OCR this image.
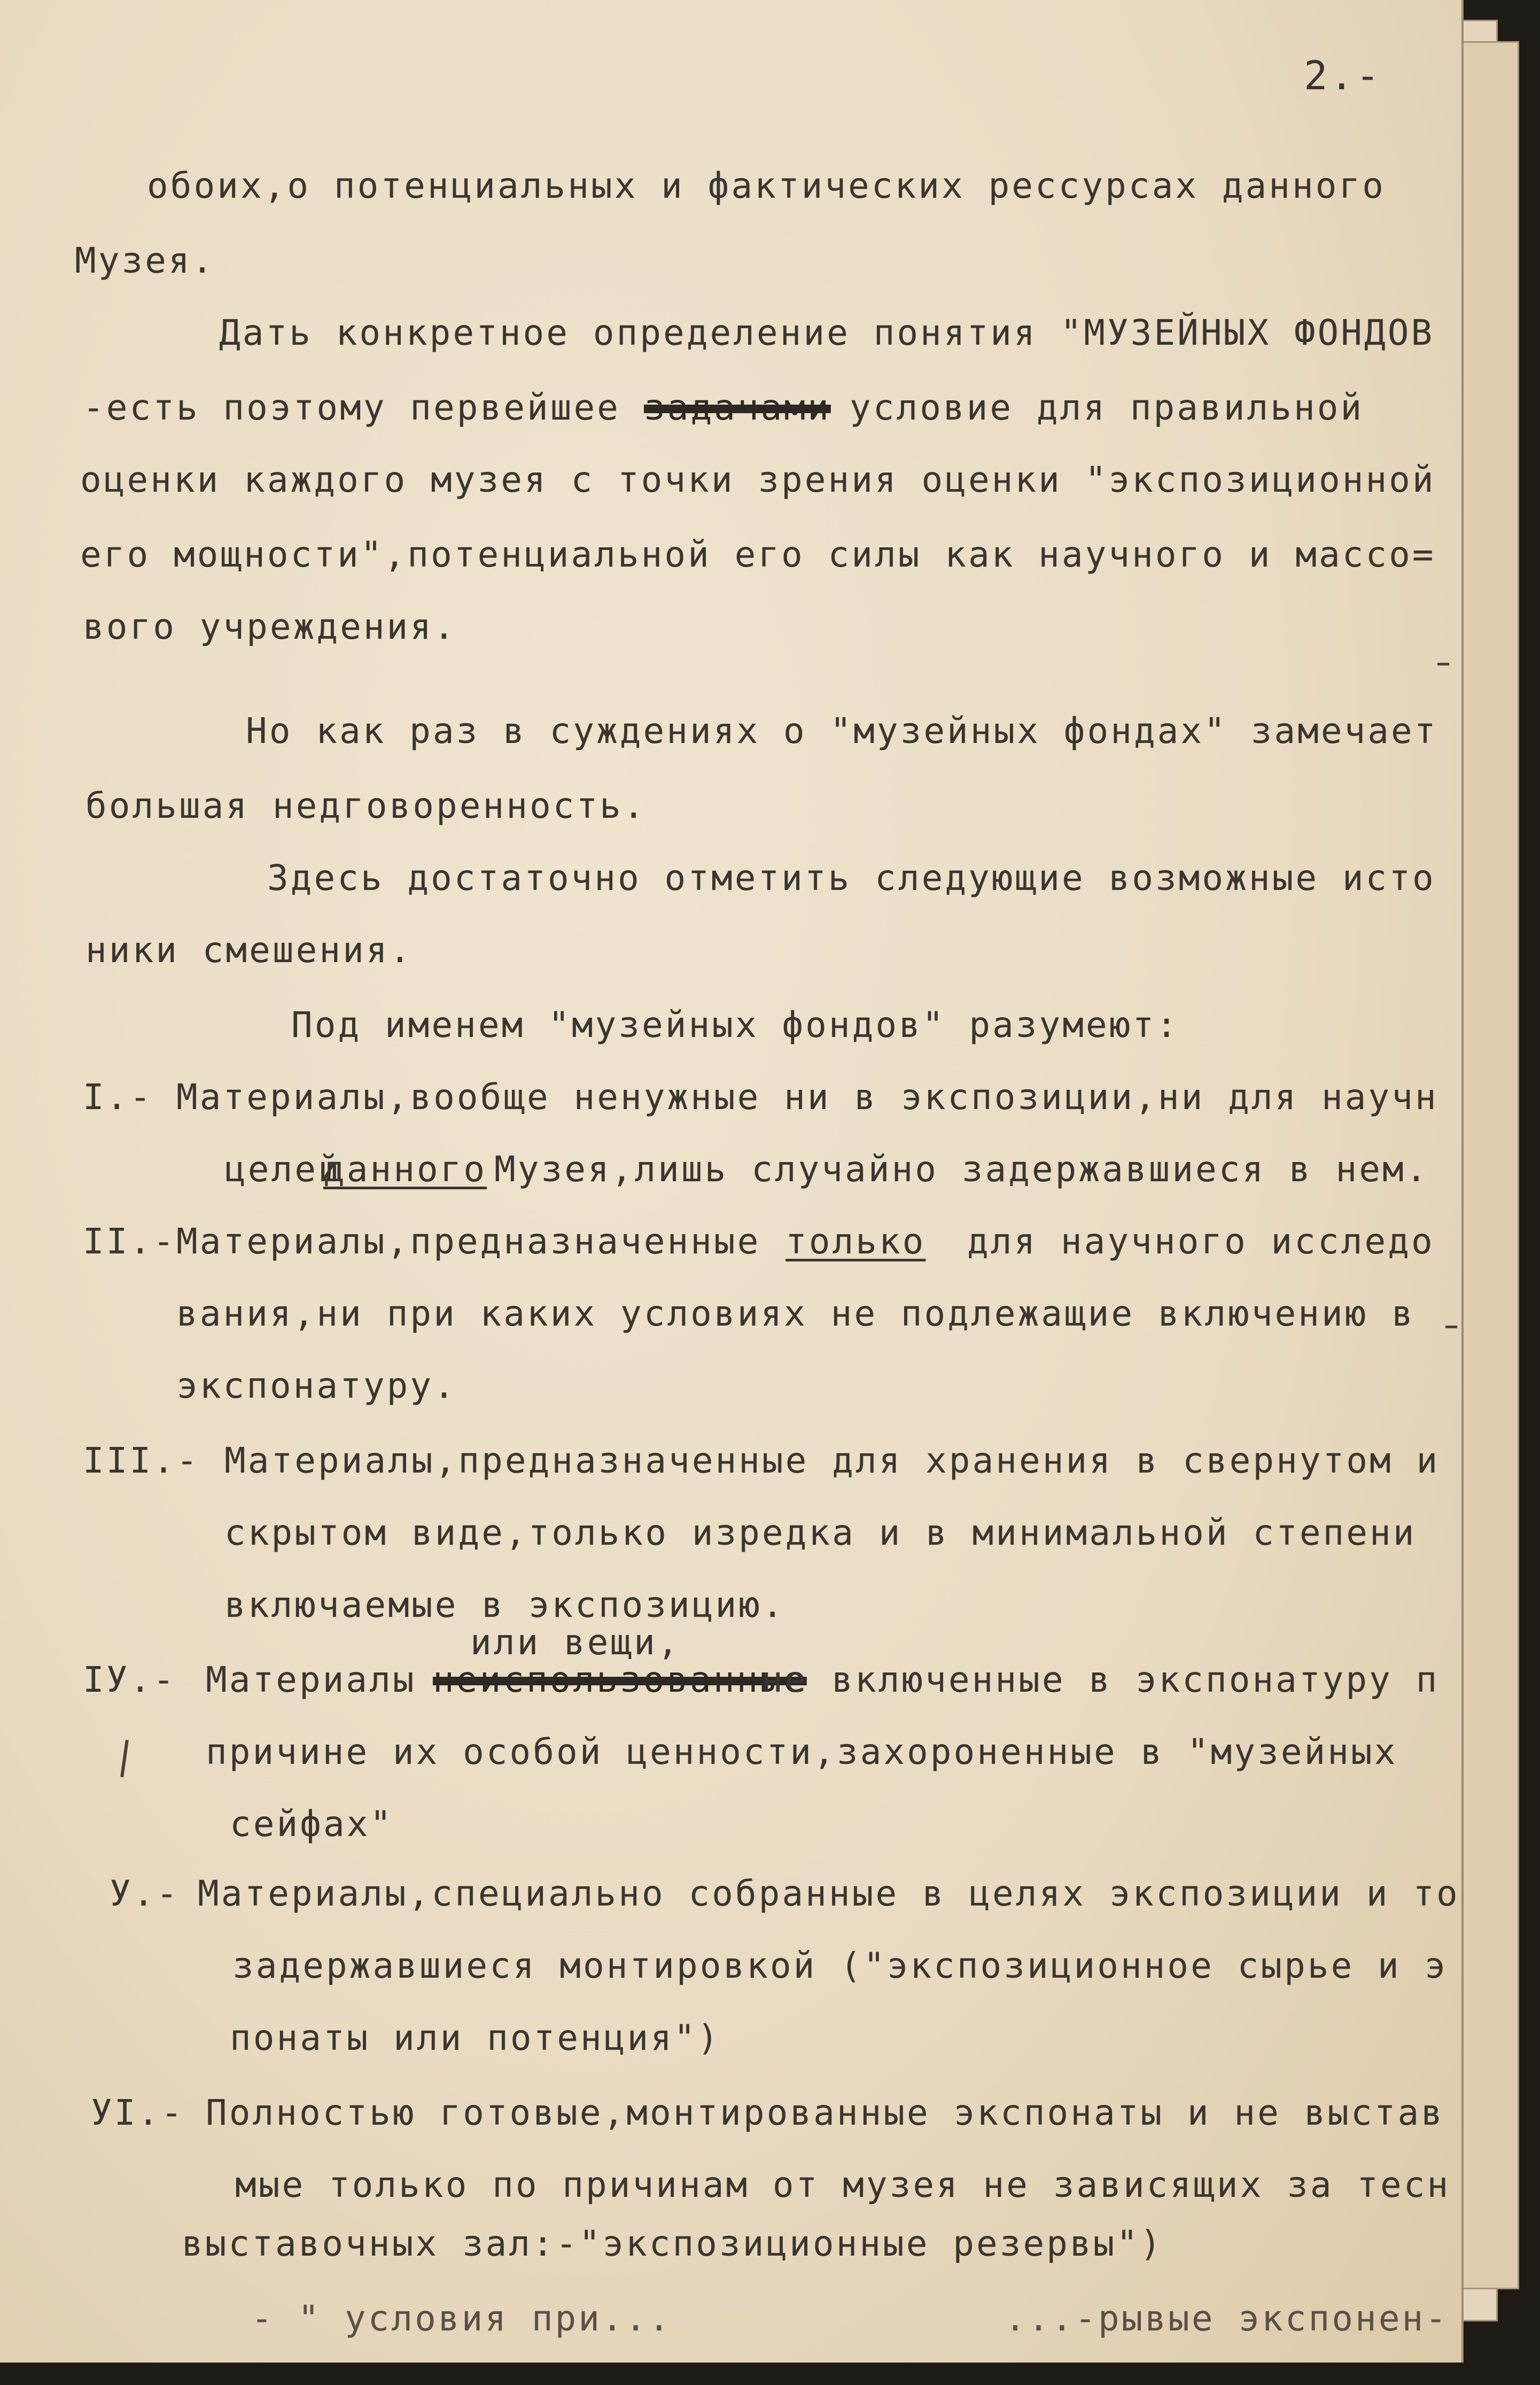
2.-
обоих,о потенциальных и фактических рессурсах данного
Музея.
Дать конкретное определение понятия "МУЗЕЙНЫХ ФОНДОВ
-есть поэтому первейшее задачами условие для правильной
оценки каждого музея с точки зрения оценки "экспозиционной
его мощности",потенциальной его силы как научного и массо=
вого учреждения.
Но как раз в суждениях о "музейных фондах" замечает
большая недговоренность.
Здесь достаточно отметить следующие возможные исто
ники смешения.
Под именем "музейных фондов" разумеют:
I.- Материалы,вообще ненужные ни в экспозиции,ни для научн
целей
данного Музея,лишь случайно задержавшиеся в нем.
II.- Материалы,предназначенные только для научного исследо
вания,ни при каких условиях не подлежащие включению в
экспонатуру.
III.- Материалы,предназначенные для хранения в свернутом и
скрытом виде,только изредка и в минимальной степени
включаемые в экспозицию.
или вещи,
IУ.- Материалы неиспользованные
не включенные в экспонатуру п
причине их особой ценности,захороненные в "музейных
сейфах"
У.- Материалы,специально собранные в целях экспозиции и то
задержавшиеся монтировкой ("экспозиционное сырье и э
понаты или потенция")
УI.- Полностью готовые,монтированные экспонаты и не выстав
мые только по причинам от музея не зависящих за тесн
выставочных зал:-"экспозиционные резервы")
- " условия при...	...-рывые экспонен-
